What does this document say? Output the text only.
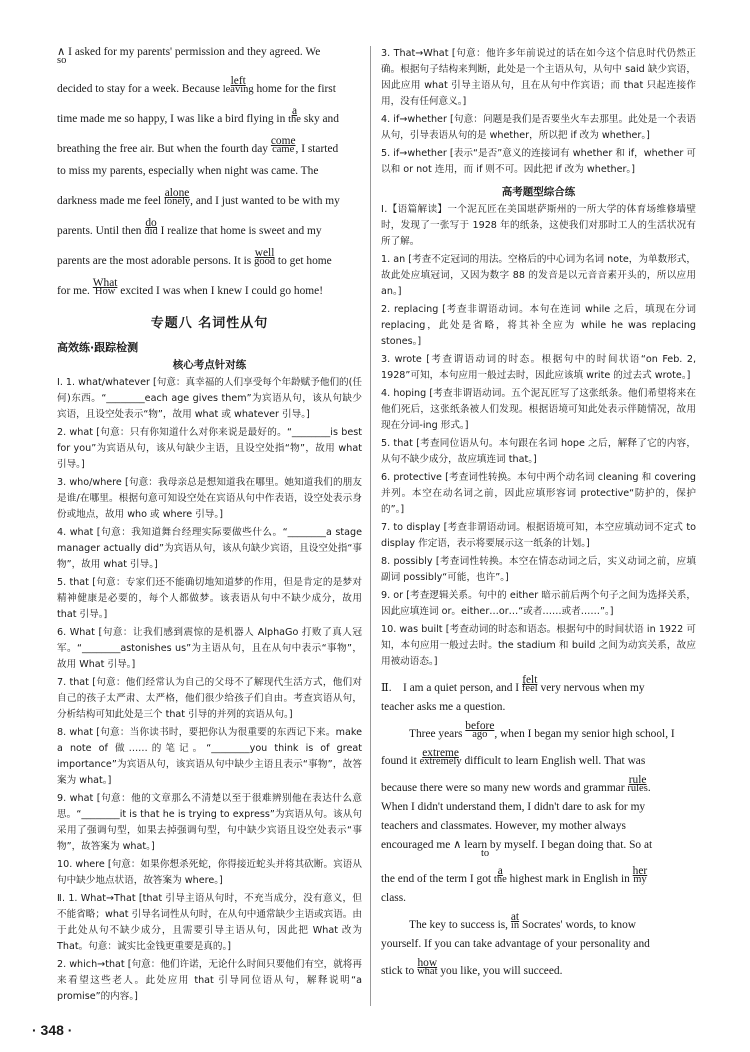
∧ I asked for my parents' permission and they agreed. We
so
decided to stay for a week. Because left
leaving home for the first
time made me so happy, I was like a bird flying in a
the sky and
breathing the free air. But when the fourth day come
came , I started
to miss my parents, especially when night was came. The
darkness made me feel alone
lonely , and I just wanted to be with my
parents. Until then do
did I realize that home is sweet and my
parents are the most adorable persons. It is well
good to get home
for me. What
How excited I was when I knew I could go home!
专题八 名词性从句
高效练·跟踪检测
核心考点针对练

Ⅰ. 1. what/whatever [句意：真幸福的人们享受每个年龄赋予他们的(任何)东西。“________each age gives them”为宾语从句，该从句缺少宾语，且设空处表示“物”，故用 what 或 whatever 引导。]

2. what [句意：只有你知道什么对你来说是最好的。“________is best for you”为宾语从句，该从句缺少主语，且设空处指“物”，故用 what 引导。]

3. who/where [句意：我母亲总是想知道我在哪里。她知道我们的朋友是谁/在哪里。根据句意可知设空处在宾语从句中作表语，设空处表示身份或地点，故用 who 或 where 引导。]

4. what [句意：我知道舞台经理实际要做些什么。“________a stage manager actually did”为宾语从句，该从句缺少宾语，且设空处指“事物”，故用 what 引导。]

5. that [句意：专家们还不能确切地知道梦的作用，但是肯定的是梦对精神健康是必要的，每个人都做梦。该表语从句中不缺少成分，故用 that 引导。]

6. What [句意：让我们感到震惊的是机器人 AlphaGo 打败了真人冠军。“________astonishes us”为主语从句，且在从句中表示“事物”，故用 What 引导。]

7. that [句意：他们经常认为自己的父母不了解现代生活方式，他们对自己的孩子太严肃、太严格，他们很少给孩子们自由。考查宾语从句，分析结构可知此处是三个 that 引导的并列的宾语从句。]

8. what [句意：当你读书时，要把你认为很重要的东西记下来。make a note of 做……的笔记。“________you think is of great importance”为宾语从句，该宾语从句中缺少主语且表示“事物”，故答案为 what。]

9. what [句意：他的文章那么不清楚以至于很难辨别他在表达什么意思。“________it is that he is trying to express”为宾语从句。该从句采用了强调句型，如果去掉强调句型，句中缺少宾语且设空处表示“事物”，故答案为 what。]

10. where [句意：如果你想杀死蛇，你得接近蛇头并将其砍断。宾语从句中缺少地点状语，故答案为 where。]

Ⅱ. 1. What→That [that 引导主语从句时，不充当成分，没有意义，但不能省略；what 引导名词性从句时，在从句中通常缺少主语或宾语。由于此处从句不缺少成分，且需要引导主语从句，因此把 What 改为 That。句意：诚实比金钱更重要是真的。]

2. which→that [句意：他们许诺，无论什么时间只要他们有空，就将再来看望这些老人。此处应用 that 引导同位语从句，解释说明“a promise”的内容。]

3. That→What [句意：他许多年前说过的话在如今这个信息时代仍然正确。根据句子结构来判断，此处是一个主语从句，从句中 said 缺少宾语，因此应用 what 引导主语从句，且在从句中作宾语；而 that 只起连接作用，没有任何意义。]

4. if→whether [句意：问题是我们是否要坐火车去那里。此处是一个表语从句，引导表语从句的是 whether，所以把 if 改为 whether。]

5. if→whether [表示“是否”意义的连接词有 whether 和 if，whether 可以和 or not 连用，而 if 则不可。因此把 if 改为 whether。]

高考题型综合练
Ⅰ.【语篇解读】一个泥瓦匠在美国堪萨斯州的一所大学的体育场维修墙壁时，发现了一张写于 1928 年的纸条，这使我们对那时工人的生活状况有所了解。

1. an [考查不定冠词的用法。空格后的中心词为名词 note，为单数形式，故此处应填冠词，又因为数字 88 的发音是以元音音素开头的，所以应用 an。]

2. replacing [考查非谓语动词。本句在连词 while 之后，填现在分词 replacing，此处是省略，将其补全应为 while he was replacing stones。]

3. wrote [考查谓语动词的时态。根据句中的时间状语“on Feb. 2, 1928”可知，本句应用一般过去时，因此应该填 write 的过去式 wrote。]

4. hoping [考查非谓语动词。五个泥瓦匠写了这张纸条。他们希望将来在他们死后，这张纸条被人们发现。根据语境可知此处表示伴随情况，故用现在分词-ing 形式。]

5. that [考查同位语从句。本句跟在名词 hope 之后，解释了它的内容，从句不缺少成分，故应填连词 that。]

6. protective [考查词性转换。本句中两个动名词 cleaning 和 covering 并列。本空在动名词之前，因此应填形容词 protective“防护的，保护的”。]

7. to display [考查非谓语动词。根据语境可知，本空应填动词不定式 to display 作定语，表示将要展示这一纸条的计划。]

8. possibly [考查词性转换。本空在情态动词之后，实义动词之前，应填副词 possibly“可能，也许”。]

9. or [考查逻辑关系。句中的 either 暗示前后两个句子之间为选择关系，因此应填连词 or。either…or…“或者……或者……”。]

10. was built [考查动词的时态和语态。根据句中的时间状语 in 1922 可知，本句应用一般过去时。the stadium 和 build 之间为动宾关系，故应用被动语态。]

Ⅱ. I am a quiet person, and I felt
feel very nervous when my
teacher asks me a question.
Three years before
ago , when I began my senior high school, I
found it extreme
extremely difficult to learn English well. That was
because there were so many new words and grammar rule
rules .
When I didn't understand them, I didn't dare to ask for my
teachers and classmates. However, my mother always
encouraged me ∧ learn by myself. I began doing that. So at
to
the end of the term I got a
the highest mark in English in her
my
class.
The key to success is, at
in Socrates' words, to know
yourself. If you can take advantage of your personality and
stick to how
what you like, you will succeed.
· 348 ·
